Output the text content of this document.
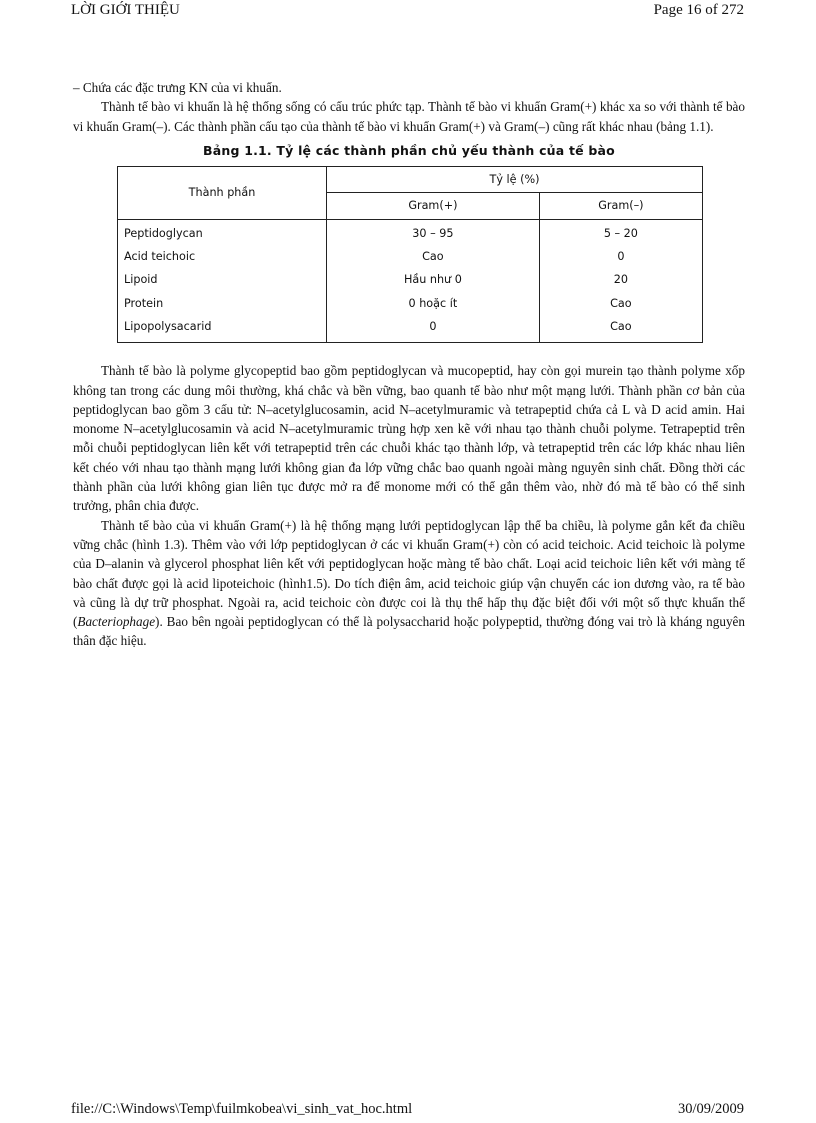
LỜI GIỚI THIỆU	Page 16 of 272

– Chứa các đặc trưng KN của vi khuẩn.

Thành tế bào vi khuẩn là hệ thống sống có cấu trúc phức tạp. Thành tế bào vi khuẩn Gram(+) khác xa so với thành tế bào vi khuẩn Gram(–). Các thành phần cấu tạo của thành tế bào vi khuẩn Gram(+) và Gram(–) cũng rất khác nhau (bảng 1.1).

Bảng 1.1. Tỷ lệ các thành phần chủ yếu thành của tế bào
Thành phần	Tỷ lệ (%)	
	Gram(+)	Gram(–)
Peptidoglycan	30 – 95	5 – 20
Acid teichoic	Cao	0
Lipoid	Hầu như 0	20
Protein	0 hoặc ít	Cao
Lipopolysacarid	0	Cao

Thành tế bào là polyme glycopeptid bao gồm peptidoglycan và mucopeptid, hay còn gọi murein tạo thành polyme xốp không tan trong các dung môi thường, khá chắc và bền vững, bao quanh tế bào như một mạng lưới. Thành phần cơ bản của peptidoglycan bao gồm 3 cấu tử: N–acetylglucosamin, acid N–acetylmuramic và tetrapeptid chứa cả L và D acid amin. Hai monome N–acetylglucosamin và acid N–acetylmuramic trùng hợp xen kẽ với nhau tạo thành chuỗi polyme. Tetrapeptid trên mỗi chuỗi peptidoglycan liên kết với tetrapeptid trên các chuỗi khác tạo thành lớp, và tetrapeptid trên các lớp khác nhau liên kết chéo với nhau tạo thành mạng lưới không gian đa lớp vững chắc bao quanh ngoài màng nguyên sinh chất. Đồng thời các thành phần của lưới không gian liên tục được mở ra để monome mới có thể gắn thêm vào, nhờ đó mà tế bào có thể sinh trưởng, phân chia được.

Thành tế bào của vi khuẩn Gram(+) là hệ thống mạng lưới peptidoglycan lập thể ba chiều, là polyme gắn kết đa chiều vững chắc (hình 1.3). Thêm vào với lớp peptidoglycan ở các vi khuẩn Gram(+) còn có acid teichoic. Acid teichoic là polyme của D–alanin và glycerol phosphat liên kết với peptidoglycan hoặc màng tế bào chất. Loại acid teichoic liên kết với màng tế bào chất được gọi là acid lipoteichoic (hình1.5). Do tích điện âm, acid teichoic giúp vận chuyển các ion dương vào, ra tế bào và cũng là dự trữ phosphat. Ngoài ra, acid teichoic còn được coi là thụ thể hấp thụ đặc biệt đối với một số thực khuẩn thể (Bacteriophage). Bao bên ngoài peptidoglycan có thể là polysaccharid hoặc polypeptid, thường đóng vai trò là kháng nguyên thân đặc hiệu.

file://C:\Windows\Temp\fuilmkobea\vi_sinh_vat_hoc.html	30/09/2009
